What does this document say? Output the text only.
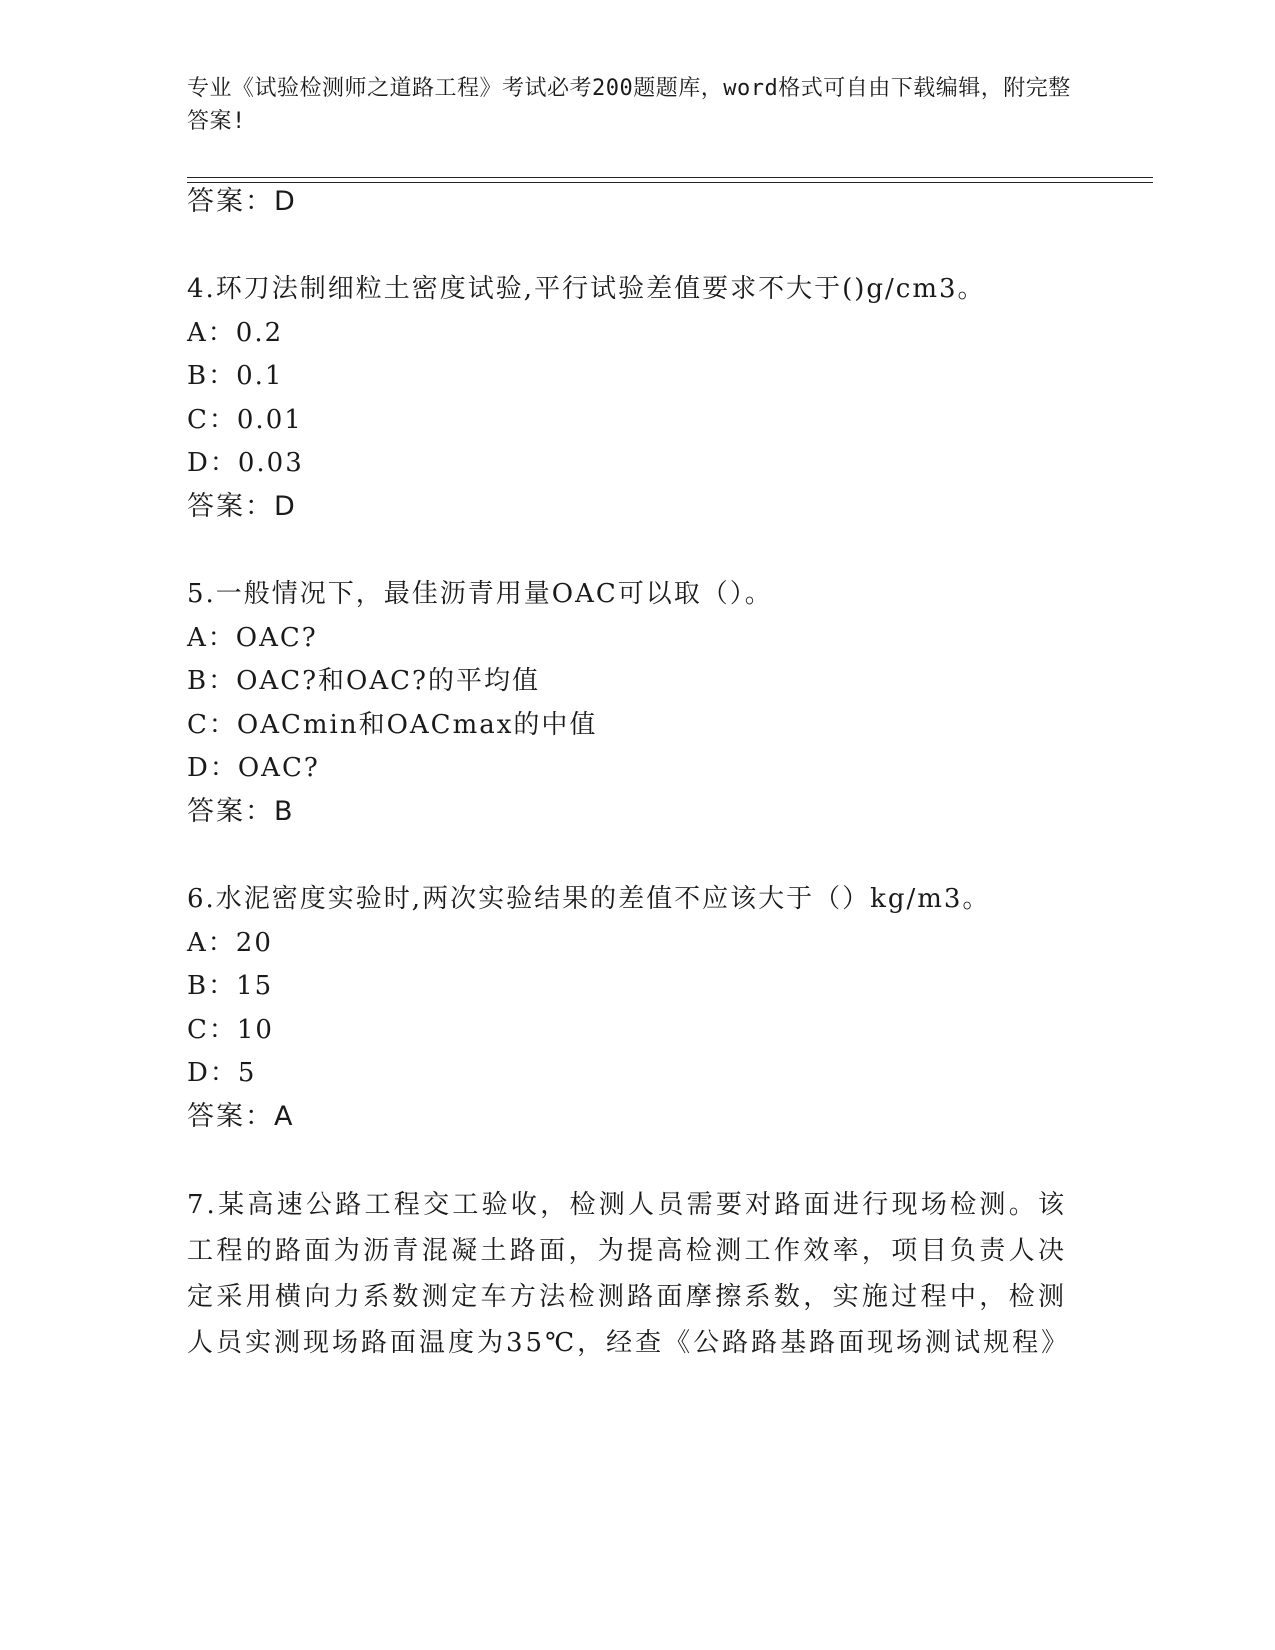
专业《试验检测师之道路工程》考试必考200题题库，word格式可自由下载编辑，附完整答案!
答案：D
4.环刀法制细粒土密度试验,平行试验差值要求不大于()g/cm3。
A：0.2
B：0.1
C：0.01
D：0.03
答案：D
5.一般情况下，最佳沥青用量OAC可以取（）。
A：OAC?
B：OAC?和OAC?的平均值
C：OACmin和OACmax的中值
D：OAC?
答案：B
6.水泥密度实验时,两次实验结果的差值不应该大于（）kg/m3。
A：20
B：15
C：10
D：5
答案：A
7.某高速公路工程交工验收，检测人员需要对路面进行现场检测。该工程的路面为沥青混凝土路面，为提高检测工作效率，项目负责人决定采用横向力系数测定车方法检测路面摩擦系数，实施过程中，检测人员实测现场路面温度为35℃，经查《公路路基路面现场测试规程》
